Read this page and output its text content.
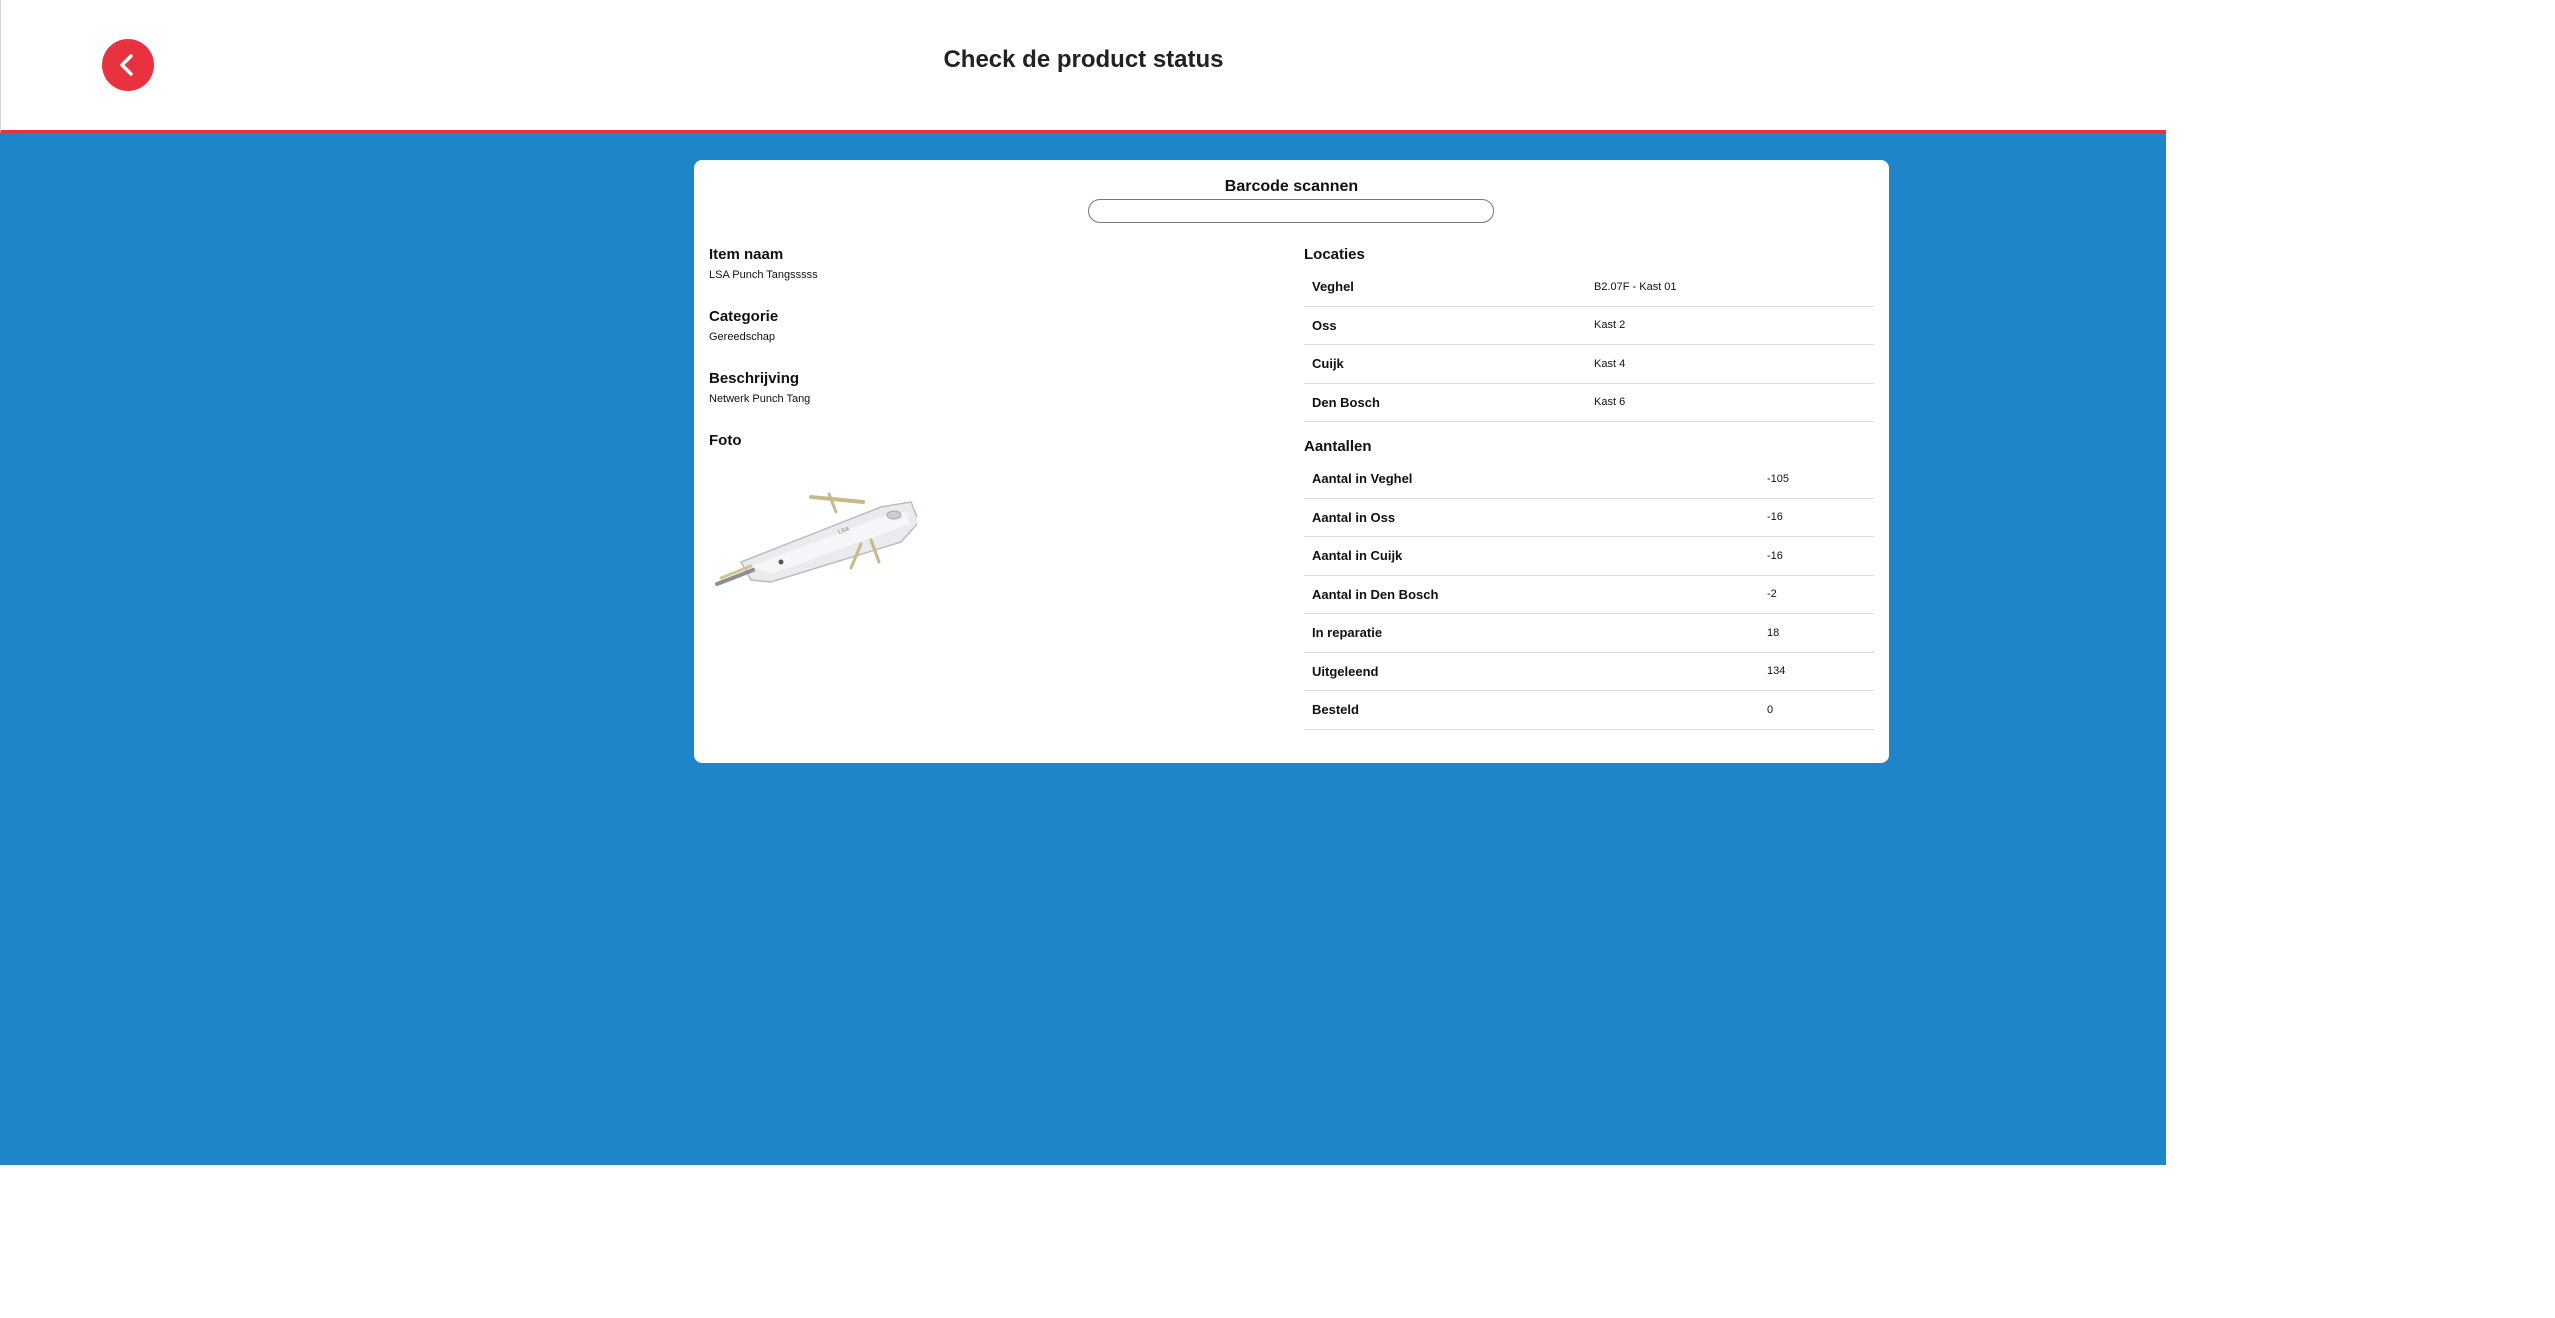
Check de product status
Barcode scannen
Item naam
LSA Punch Tangsssss
Categorie
Gereedschap
Beschrijving
Netwerk Punch Tang
Foto
LSA
Locaties
Veghel	B2.07F - Kast 01
Oss	Kast 2
Cuijk	Kast 4
Den Bosch	Kast 6
Aantallen
Aantal in Veghel	-105
Aantal in Oss	-16
Aantal in Cuijk	-16
Aantal in Den Bosch	-2
In reparatie	18
Uitgeleend	134
Besteld	0
